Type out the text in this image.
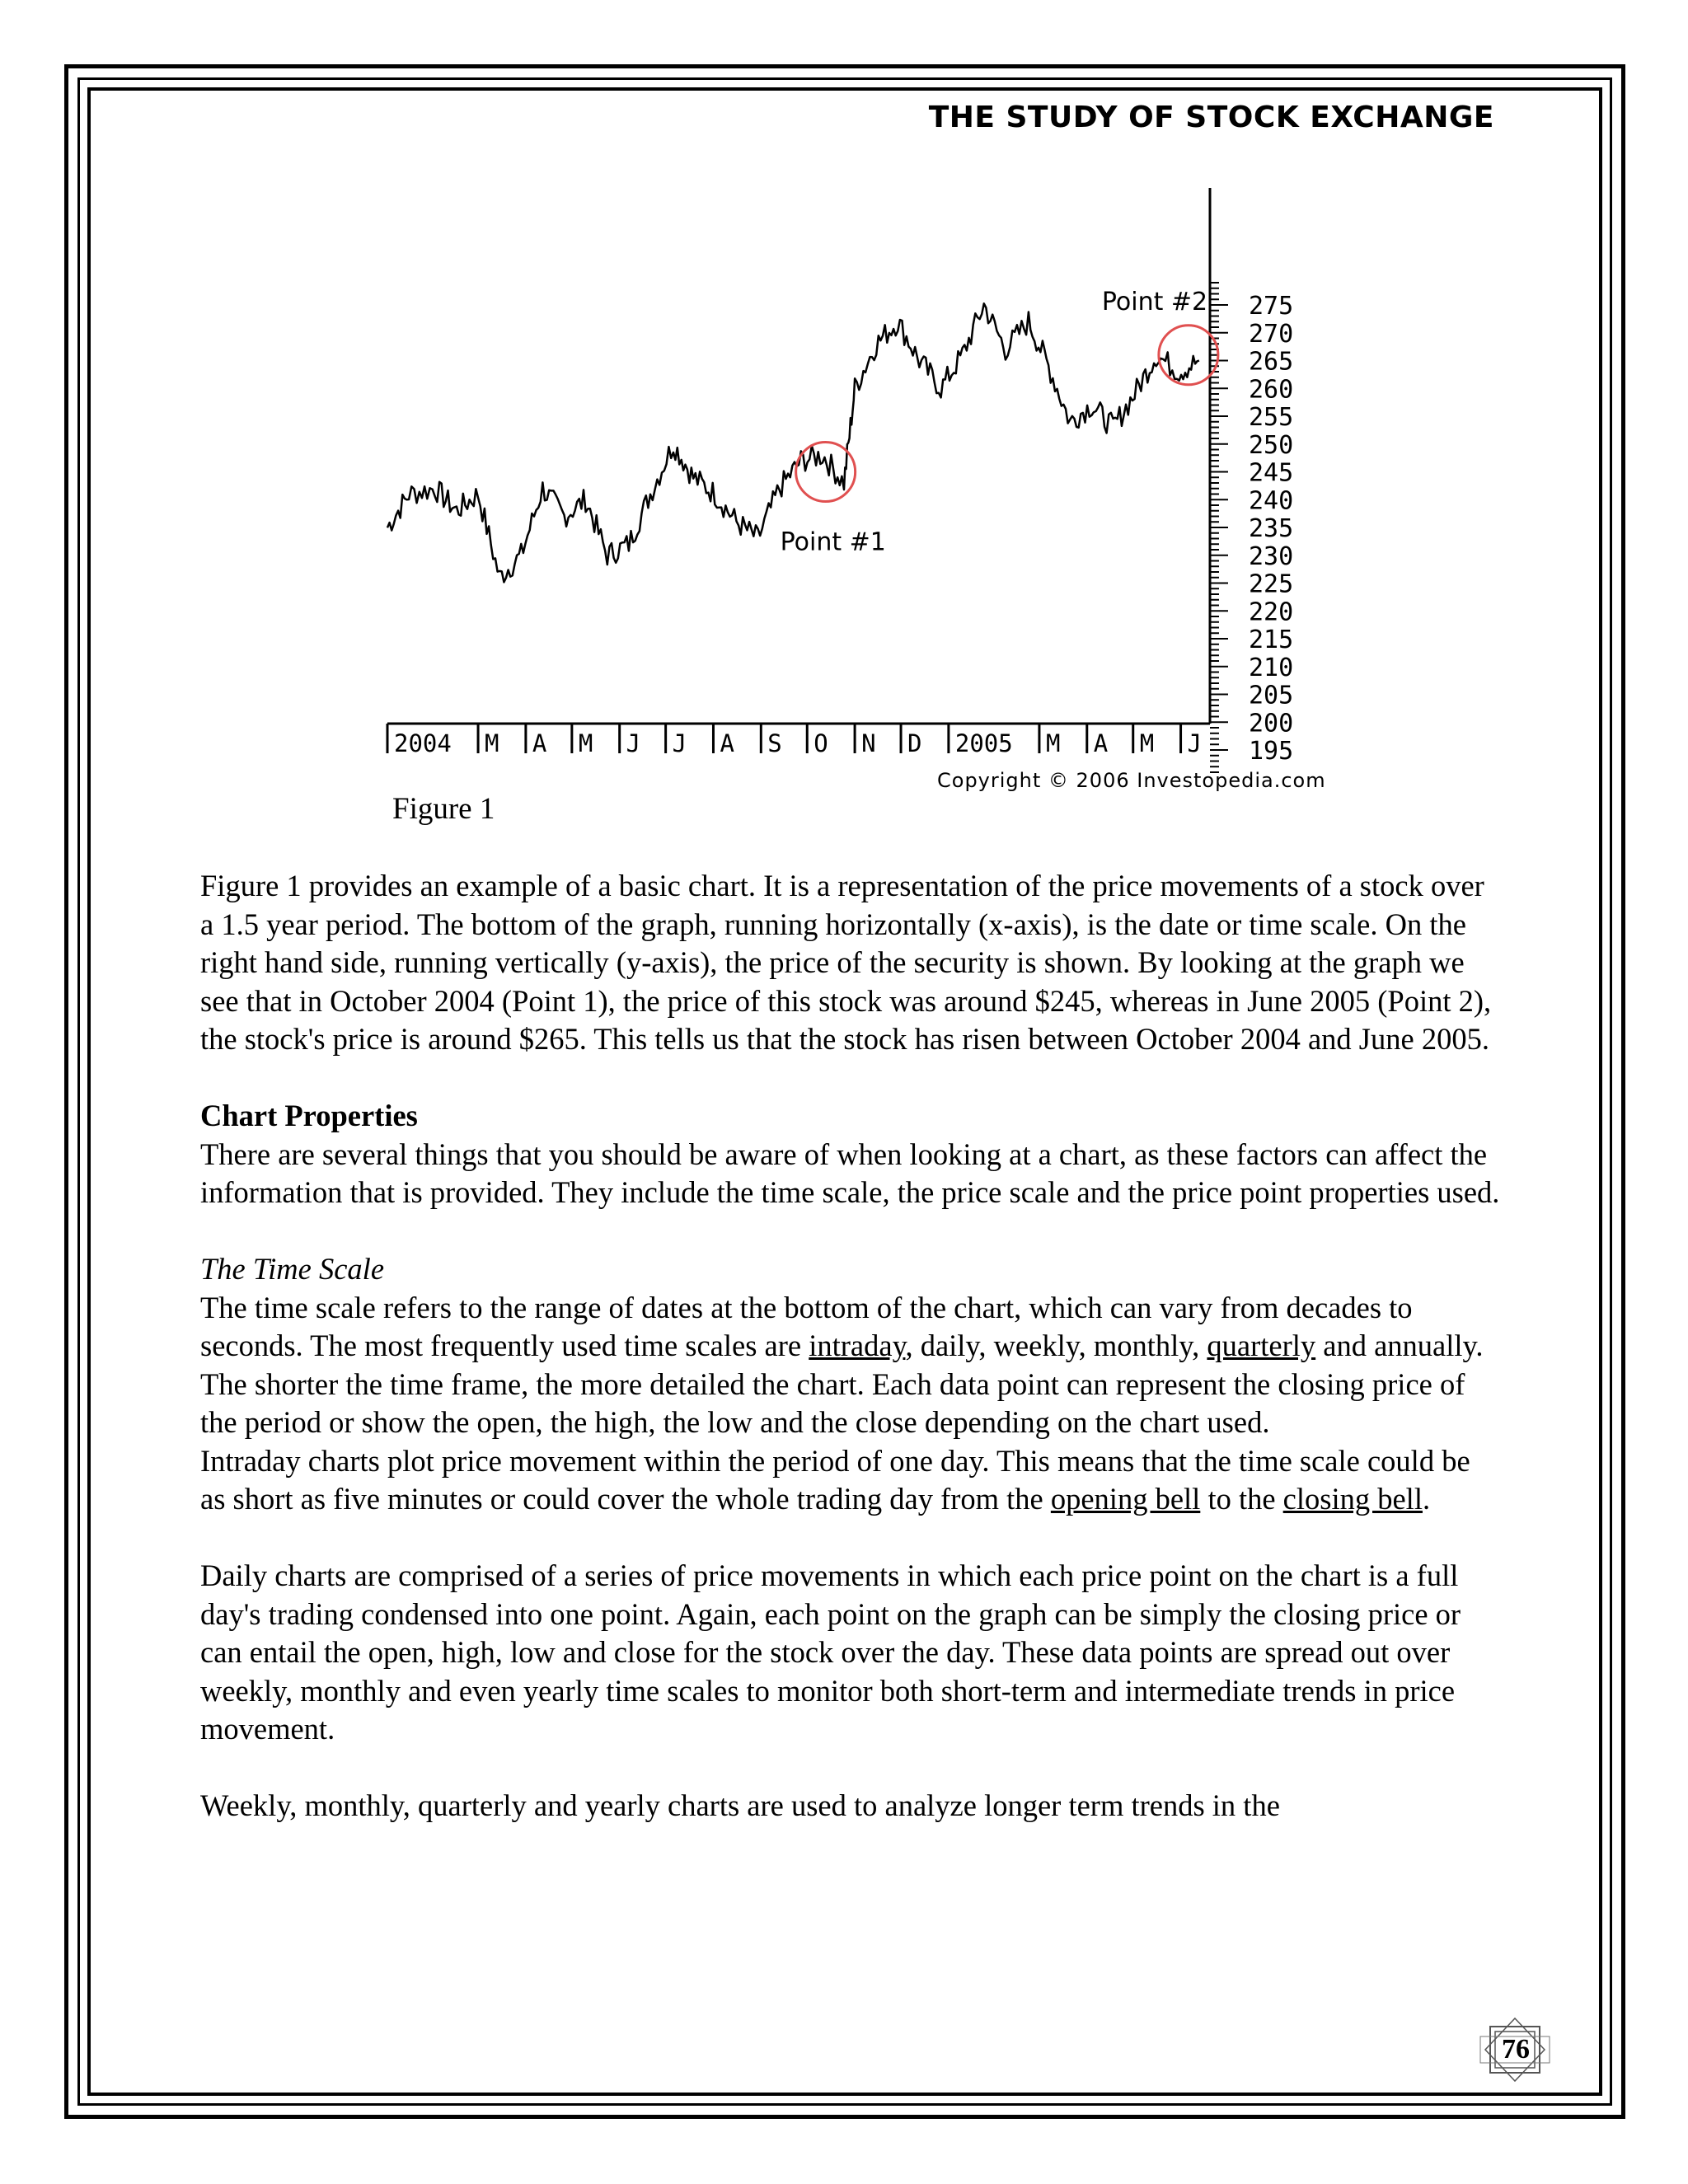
THE STUDY OF STOCK EXCHANGE
275
270
265
260
255
250
245
240
235
230
225
220
215
210
205
200
195
2004 M A M J J A S O N D 2005 M A M J
Point #1
Point #2
Copyright © 2006 Investopedia.com
Figure 1

Figure 1 provides an example of a basic chart. It is a representation of the price movements of a stock over a 1.5 year period. The bottom of the graph, running horizontally (x-axis), is the date or time scale. On the right hand side, running vertically (y-axis), the price of the security is shown. By looking at the graph we see that in October 2004 (Point 1), the price of this stock was around $245, whereas in June 2005 (Point 2), the stock's price is around $265. This tells us that the stock has risen between October 2004 and June 2005.

Chart Properties

There are several things that you should be aware of when looking at a chart, as these factors can affect the information that is provided. They include the time scale, the price scale and the price point properties used.

The Time Scale
The time scale refers to the range of dates at the bottom of the chart, which can vary from decades to seconds. The most frequently used time scales are intraday, daily, weekly, monthly, quarterly and annually. The shorter the time frame, the more detailed the chart. Each data point can represent the closing price of the period or show the open, the high, the low and the close depending on the chart used.

Intraday charts plot price movement within the period of one day. This means that the time scale could be as short as five minutes or could cover the whole trading day from the opening bell to the closing bell.

Daily charts are comprised of a series of price movements in which each price point on the chart is a full day's trading condensed into one point. Again, each point on the graph can be simply the closing price or can entail the open, high, low and close for the stock over the day. These data points are spread out over weekly, monthly and even yearly time scales to monitor both short-term and intermediate trends in price movement.

Weekly, monthly, quarterly and yearly charts are used to analyze longer term trends in the

76
